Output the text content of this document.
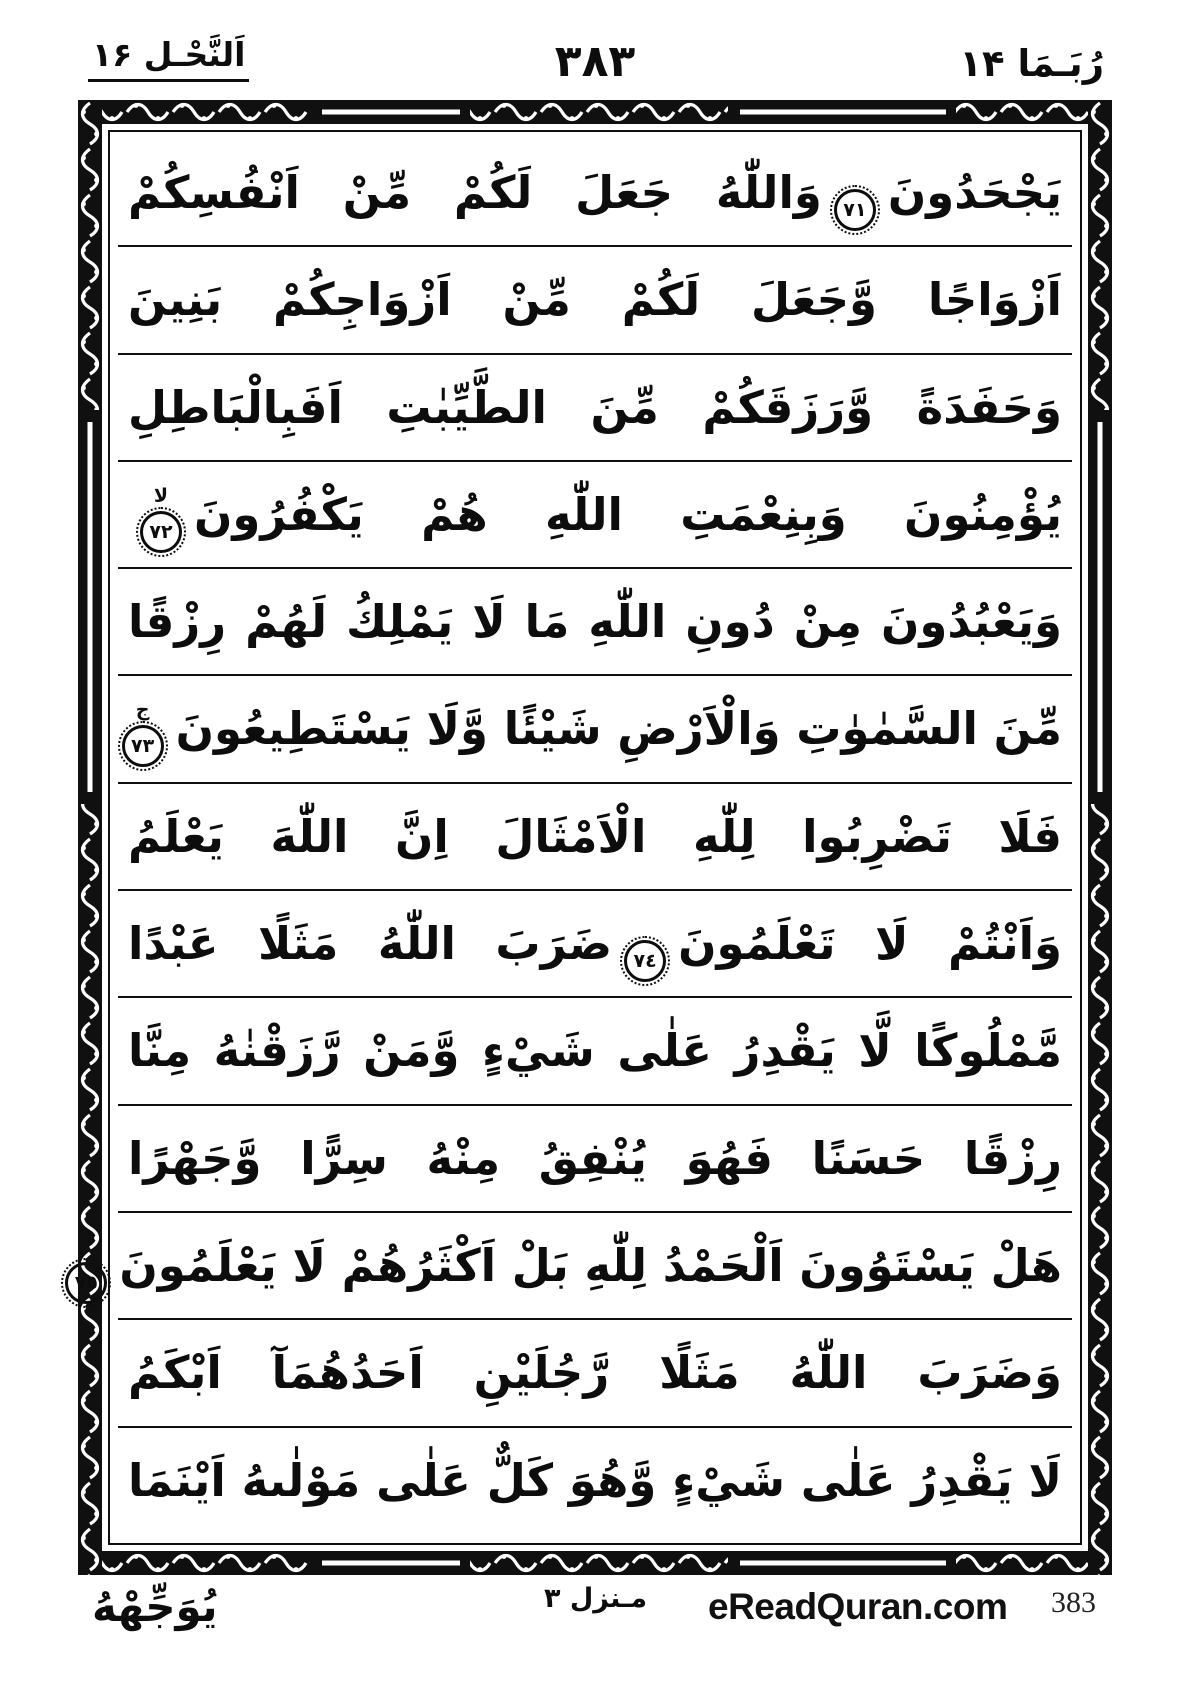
اَلنَّحْـل ١۶	۳۸۳	رُبَـمَا ١۴
يَجْحَدُونَ
٧١
وَاللّٰهُ جَعَلَ لَكُمْ مِّنْ اَنْفُسِكُمْ
اَزْوَاجًا وَّجَعَلَ لَكُمْ مِّنْ اَزْوَاجِكُمْ بَنِينَ
وَحَفَدَةً وَّرَزَقَكُمْ مِّنَ الطَّيِّبٰتِ اَفَبِالْبَاطِلِ
يُؤْمِنُونَ وَبِنِعْمَتِ اللّٰهِ هُمْ يَكْفُرُونَ
٧٢
لا
وَيَعْبُدُونَ مِنْ دُونِ اللّٰهِ مَا لَا يَمْلِكُ لَهُمْ رِزْقًا
مِّنَ السَّمٰوٰتِ وَالْاَرْضِ شَيْئًا وَّلَا يَسْتَطِيعُونَ
٧٣
ج
فَلَا تَضْرِبُوا لِلّٰهِ الْاَمْثَالَ اِنَّ اللّٰهَ يَعْلَمُ
وَاَنْتُمْ لَا تَعْلَمُونَ
٧٤
ضَرَبَ اللّٰهُ مَثَلًا عَبْدًا
مَّمْلُوكًا لَّا يَقْدِرُ عَلٰى شَيْءٍ وَّمَنْ رَّزَقْنٰهُ مِنَّا
رِزْقًا حَسَنًا فَهُوَ يُنْفِقُ مِنْهُ سِرًّا وَّجَهْرًا
هَلْ يَسْتَوُونَ اَلْحَمْدُ لِلّٰهِ بَلْ اَكْثَرُهُمْ لَا يَعْلَمُونَ
٧٥
وَضَرَبَ اللّٰهُ مَثَلًا رَّجُلَيْنِ اَحَدُهُمَآ اَبْكَمُ
لَا يَقْدِرُ عَلٰى شَيْءٍ وَّهُوَ كَلٌّ عَلٰى مَوْلٰىهُ اَيْنَمَا
يُوَجِّهْهُ	مـنزل ۳ eReadQuran.com 383
